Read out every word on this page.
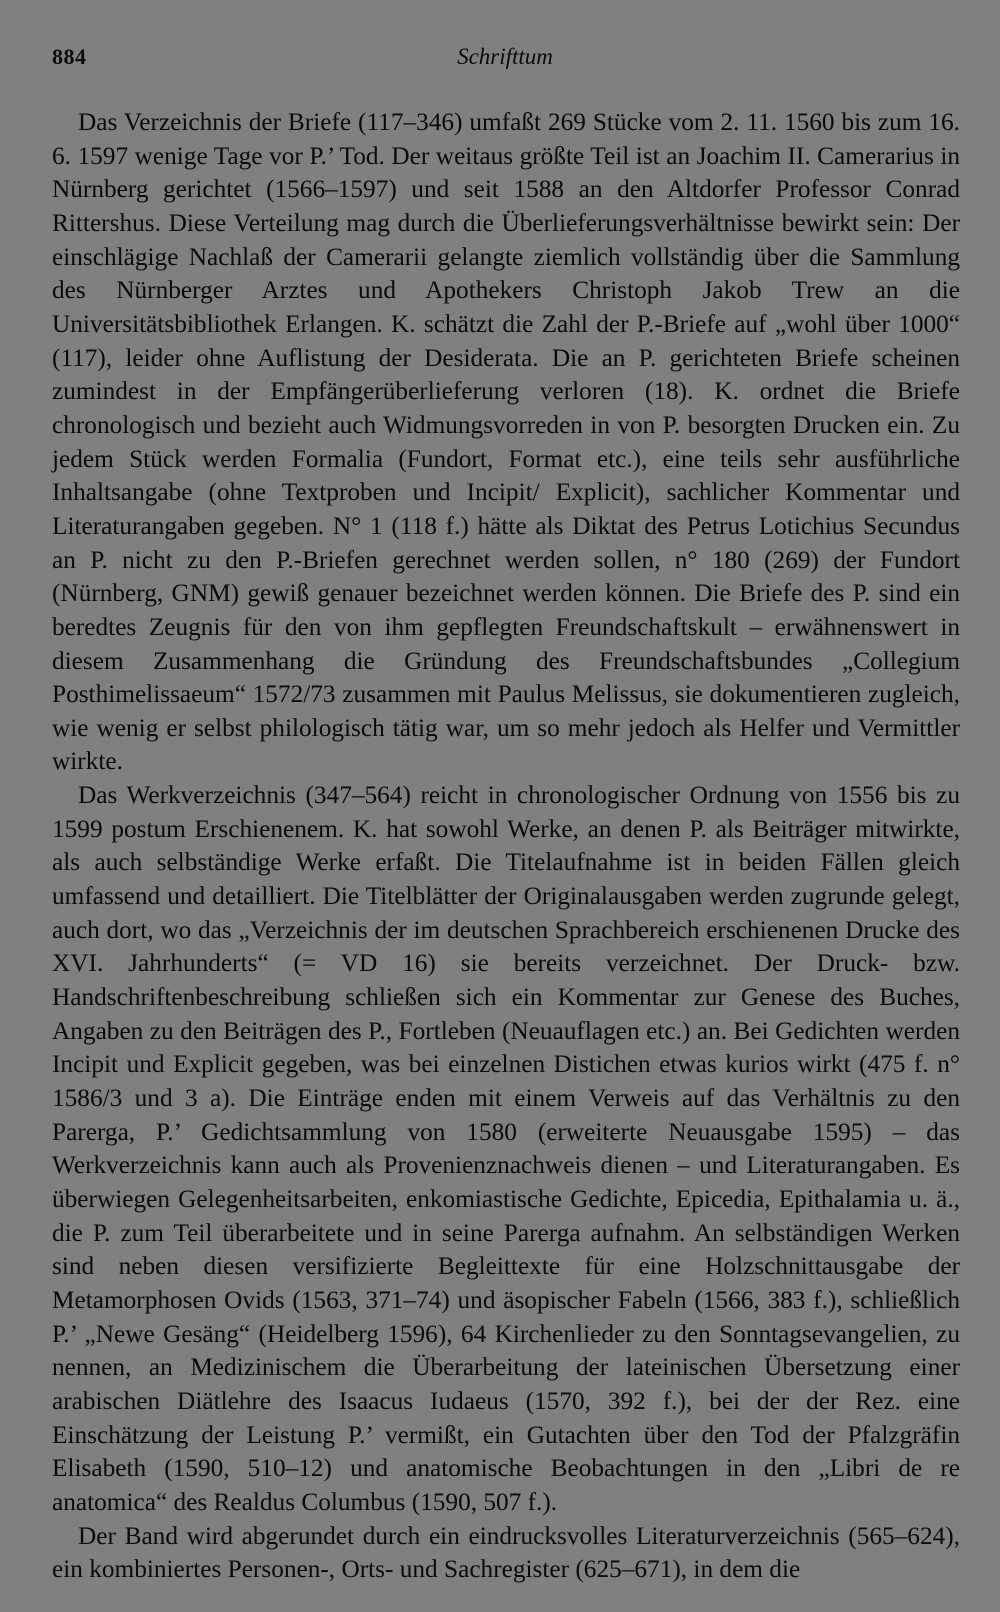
884	Schrifttum

Das Verzeichnis der Briefe (117–346) umfaßt 269 Stücke vom 2. 11. 1560 bis zum 16. 6. 1597 wenige Tage vor P.’ Tod. Der weitaus größte Teil ist an Joachim II. Camerarius in Nürnberg gerichtet (1566–1597) und seit 1588 an den Altdorfer Professor Conrad Rittershus. Diese Verteilung mag durch die Überlieferungsverhältnisse bewirkt sein: Der einschlägige Nachlaß der Camerarii gelangte ziemlich vollständig über die Sammlung des Nürnberger Arztes und Apothekers Christoph Jakob Trew an die Universitätsbibliothek Erlangen. K. schätzt die Zahl der P.-Briefe auf „wohl über 1000“ (117), leider ohne Auflistung der Desiderata. Die an P. gerichteten Briefe scheinen zumindest in der Empfängerüberlieferung verloren (18). K. ordnet die Briefe chronologisch und bezieht auch Widmungsvorreden in von P. besorgten Drucken ein. Zu jedem Stück werden Formalia (Fundort, Format etc.), eine teils sehr ausführliche Inhaltsangabe (ohne Textproben und Incipit/ Explicit), sachlicher Kommentar und Literaturangaben gegeben. N° 1 (118 f.) hätte als Diktat des Petrus Lotichius Secundus an P. nicht zu den P.-Briefen gerechnet werden sollen, n° 180 (269) der Fundort (Nürnberg, GNM) gewiß genauer bezeichnet werden können. Die Briefe des P. sind ein beredtes Zeugnis für den von ihm gepflegten Freundschaftskult – erwähnenswert in diesem Zusammenhang die Gründung des Freundschaftsbundes „Collegium Posthimelissaeum“ 1572/73 zusammen mit Paulus Melissus, sie dokumentieren zugleich, wie wenig er selbst philologisch tätig war, um so mehr jedoch als Helfer und Vermittler wirkte.

Das Werkverzeichnis (347–564) reicht in chronologischer Ordnung von 1556 bis zu 1599 postum Erschienenem. K. hat sowohl Werke, an denen P. als Beiträger mitwirkte, als auch selbständige Werke erfaßt. Die Titelaufnahme ist in beiden Fällen gleich umfassend und detailliert. Die Titelblätter der Originalausgaben werden zugrunde gelegt, auch dort, wo das „Verzeichnis der im deutschen Sprachbereich erschienenen Drucke des XVI. Jahrhunderts“ (= VD 16) sie bereits verzeichnet. Der Druck- bzw. Handschriftenbeschreibung schließen sich ein Kommentar zur Genese des Buches, Angaben zu den Beiträgen des P., Fortleben (Neuauflagen etc.) an. Bei Gedichten werden Incipit und Explicit gegeben, was bei einzelnen Distichen etwas kurios wirkt (475 f. n° 1586/3 und 3 a). Die Einträge enden mit einem Verweis auf das Verhältnis zu den Parerga, P.’ Gedichtsammlung von 1580 (erweiterte Neuausgabe 1595) – das Werkverzeichnis kann auch als Provenienznachweis dienen – und Literaturangaben. Es überwiegen Gelegenheitsarbeiten, enkomiastische Gedichte, Epicedia, Epithalamia u. ä., die P. zum Teil überarbeitete und in seine Parerga aufnahm. An selbständigen Werken sind neben diesen versifizierte Begleittexte für eine Holzschnittausgabe der Metamorphosen Ovids (1563, 371–74) und äsopischer Fabeln (1566, 383 f.), schließlich P.’ „Newe Gesäng“ (Heidelberg 1596), 64 Kirchenlieder zu den Sonntagsevangelien, zu nennen, an Medizinischem die Überarbeitung der lateinischen Übersetzung einer arabischen Diätlehre des Isaacus Iudaeus (1570, 392 f.), bei der der Rez. eine Einschätzung der Leistung P.’ vermißt, ein Gutachten über den Tod der Pfalzgräfin Elisabeth (1590, 510–12) und anatomische Beobachtungen in den „Libri de re anatomica“ des Realdus Columbus (1590, 507 f.).

Der Band wird abgerundet durch ein eindrucksvolles Literaturverzeichnis (565–624), ein kombiniertes Personen-, Orts- und Sachregister (625–671), in dem die
